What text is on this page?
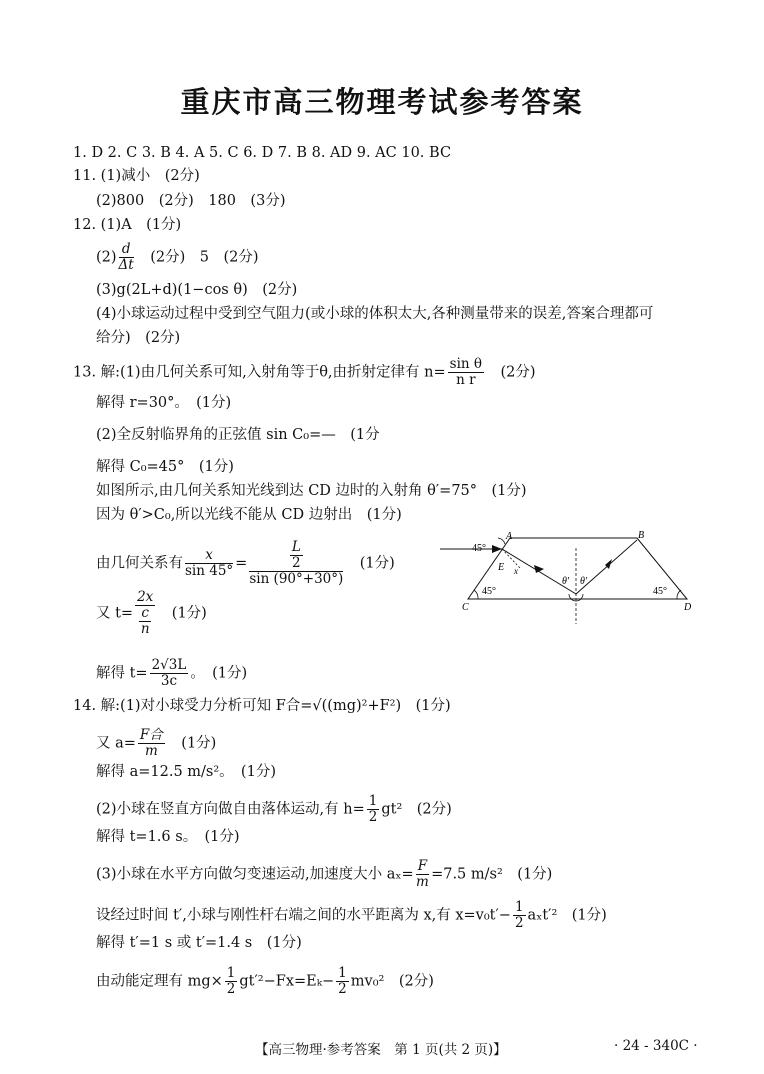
重庆市高三物理考试参考答案
1. D 2. C 3. B 4. A 5. C 6. D 7. B 8. AD 9. AC 10. BC
11. (1)减小　(2分)
(2)800　(2分)　180　(3分)
12. (1)A　(1分)
$(2) \frac{d}{\Delta t}$ 　(2分)　5　(2分)
(3)g(2L+d)(1−cos θ)　(2分)
(4)小球运动过程中受到空气阻力(或小球的体积太大,各种测量带来的误差,答案合理都可
给分)　(2分)
13. 解:(1)由几何关系可知,入射角等于θ,由折射定律有 $n= \frac{\text{sin θ}}{\text{n r}}$ 　(2分)
解得 r=30°。　(1分)
(2)全反射临界角的正弦值 sin C₀=—　(1分
解得 C₀=45°　(1分)
如图所示,由几何关系知光线到达 CD 边时的入射角 θ′=75°　(1分)
因为 θ′>C₀,所以光线不能从 CD 边射出　(1分)
由几何关系有 $\frac{x}{\sin 45^\circ} = \frac{\frac{L}{2}}{\sin (90^\circ+30^\circ)}$ 　(1分)
又 $t= \frac{2x}{\frac{c}{n}}$ 　(1分)
解得 $t= \frac{2√3L}{3c}$ 。　(1分)
A	B
C	D
E
45°
45°	45°
θ′ θ′
x
14. 解:(1)对小球受力分析可知 F合=√((mg)²+F²)　(1分)
又 $a= \frac{\text{F合}}{m}$ 　(1分)
解得 a=12.5 m/s²。　(1分)
(2)小球在竖直方向做自由落体运动,有 $h= \frac{1}{2} gt^2$　(2分)
解得 t=1.6 s。　(1分)
(3)小球在水平方向做匀变速运动,加速度大小 $a_x= \frac{F}{m} =7.5$ m/s²　(1分)
设经过时间 t′,小球与刚性杆右端之间的水平距离为 x,有 $x=v_0t'- \frac{1}{2} a_xt'^2$　(1分)
解得 t′=1 s 或 t′=1.4 s　(1分)
由动能定理有 $mg\times \frac{1}{2} gt'^2-Fx=E_k- \frac{1}{2} mv_0^2$　(2分)
【高三物理·参考答案　第 1 页(共 2 页)】	· 24 - 340C ·
